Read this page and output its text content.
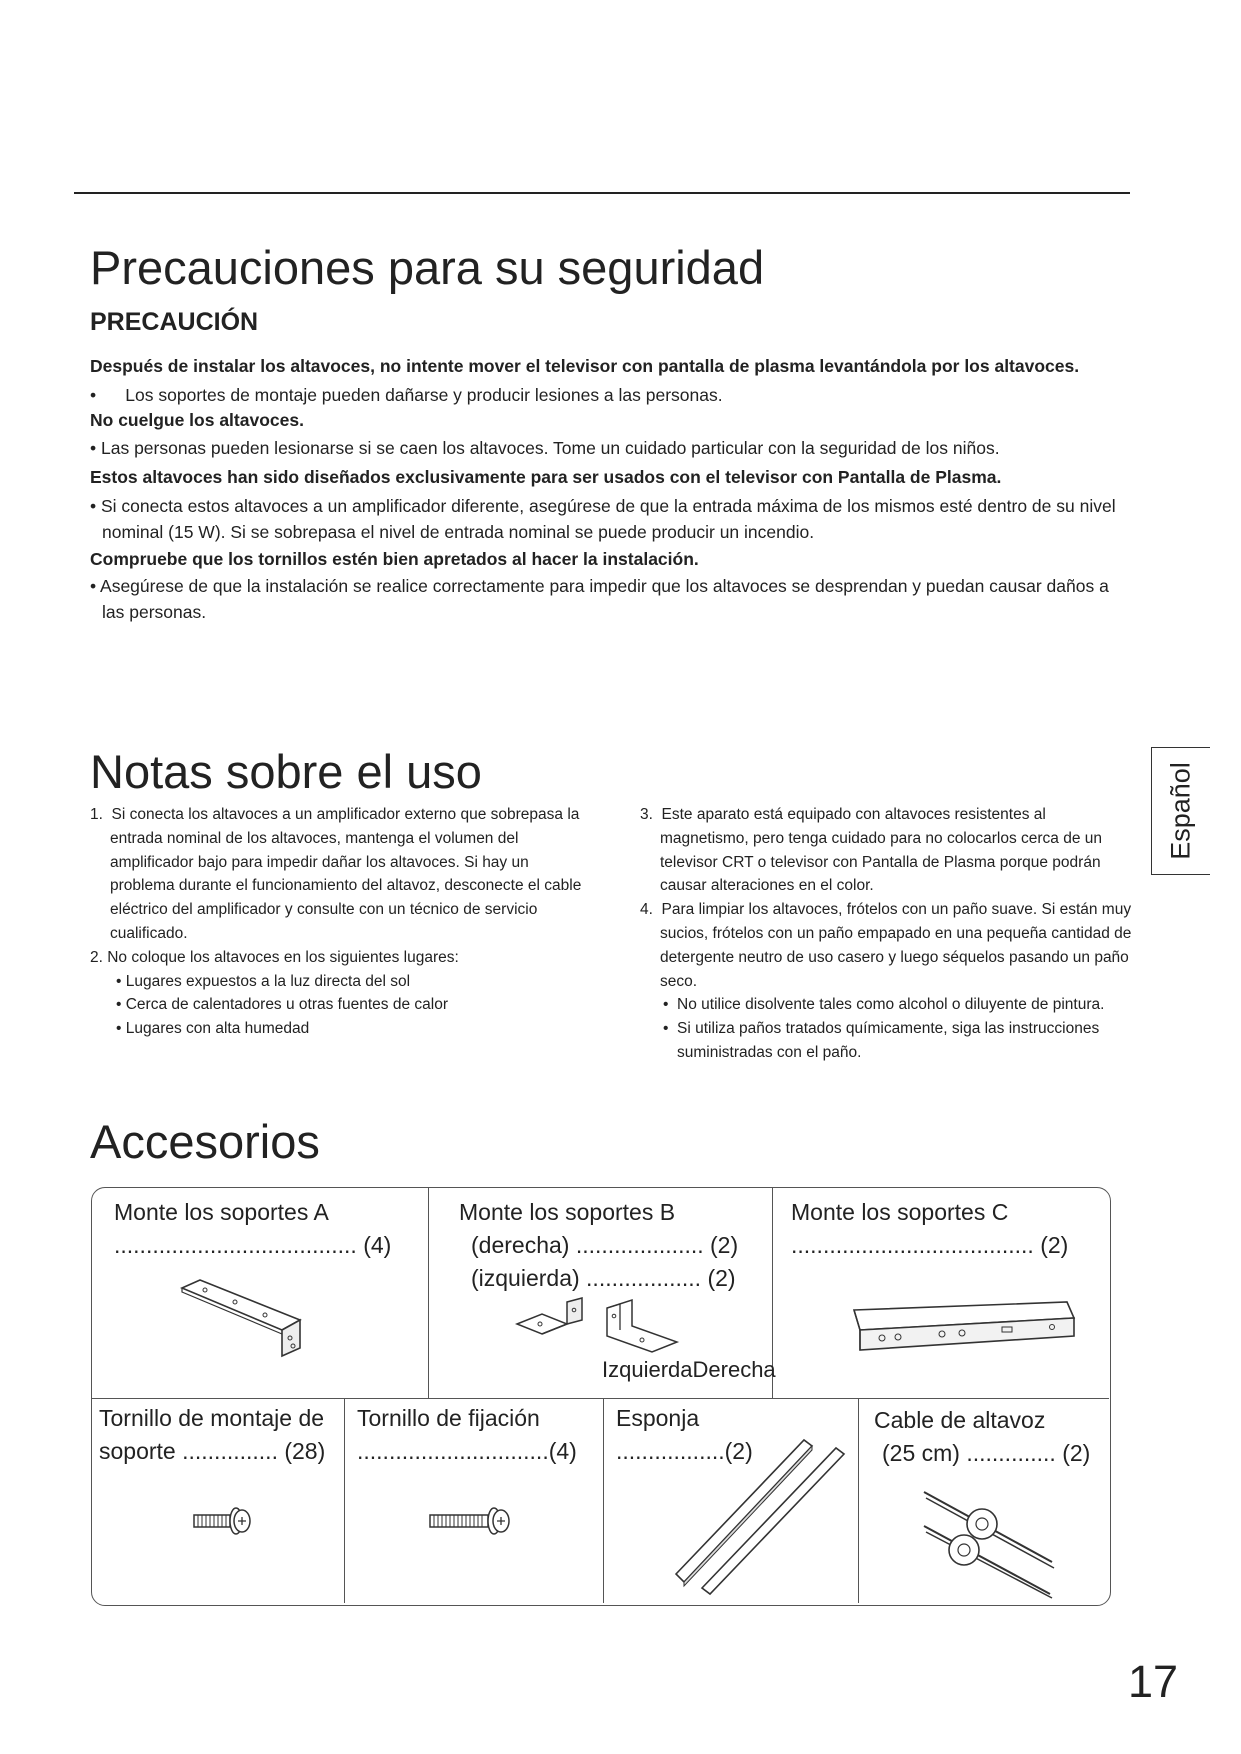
Precauciones para su seguridad

PRECAUCIÓN

Después de instalar los altavoces, no intente mover el televisor con pantalla de plasma levantándola por los altavoces.

•      Los soportes de montaje pueden dañarse y producir lesiones a las personas.

No cuelgue los altavoces.

• Las personas pueden lesionarse si se caen los altavoces. Tome un cuidado particular con la seguridad de los niños.

Estos altavoces han sido diseñados exclusivamente para ser usados con el televisor con Pantalla de Plasma.

• Si conecta estos altavoces a un amplificador diferente, asegúrese de que la entrada máxima de los mismos esté dentro de su nivel nominal (15 W). Si se sobrepasa el nivel de entrada nominal se puede producir un incendio.

Compruebe que los tornillos estén bien apretados al hacer la instalación.

• Asegúrese de que la instalación se realice correctamente para impedir que los altavoces se desprendan y puedan causar daños a las personas.

Notas sobre el uso

1.  Si conecta los altavoces a un amplificador externo que sobrepasa la entrada nominal de los altavoces, mantenga el volumen del amplificador bajo para impedir dañar los altavoces. Si hay un problema durante el funcionamiento del altavoz, desconecte el cable eléctrico del amplificador y consulte con un técnico de servicio cualificado.

2. No coloque los altavoces en los siguientes lugares:

• Lugares expuestos a la luz directa del sol

• Cerca de calentadores u otras fuentes de calor

• Lugares con alta humedad

3.  Este aparato está equipado con altavoces resistentes al magnetismo, pero tenga cuidado para no colocarlos cerca de un televisor CRT o televisor con Pantalla de Plasma porque podrán causar alteraciones en el color.

4.  Para limpiar los altavoces, frótelos con un paño suave. Si están muy sucios, frótelos con un paño empapado en una pequeña cantidad de detergente neutro de uso casero y luego séquelos pasando un paño seco.

•  No utilice disolvente tales como alcohol o diluyente de pintura.

•  Si utiliza paños tratados químicamente, siga las instrucciones suministradas con el paño.

Español
Accesorios

Monte los soportes A

...................................... (4)

Monte los soportes B

(derecha) .................... (2)

(izquierda) .................. (2)

Monte los soportes C

...................................... (2)

IzquierdaDerecha

Tornillo de montaje de

soporte ............... (28)

Tornillo de fijación

..............................(4)

Esponja

.................(2)

Cable de altavoz

(25 cm) .............. (2)

17
